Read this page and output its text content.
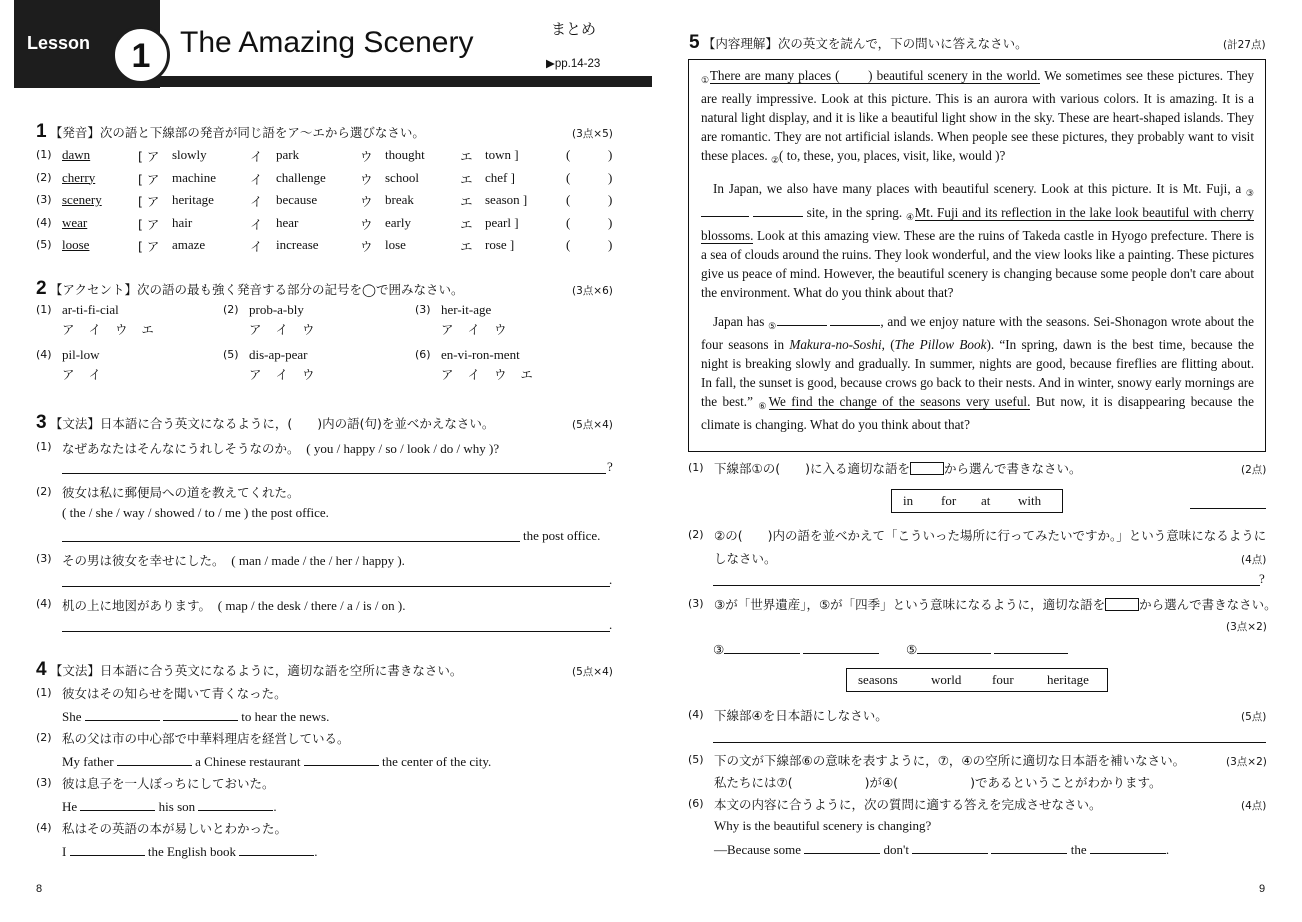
Lesson	1 The Amazing Scenery	まとめ
▶pp.14-23
1 【発音】次の語と下線部の発音が同じ語をア〜エから選びなさい。	(3点×5)
(1) dawn	[ ア slowly	イ park	ウ thought	エ town ]	(	)
(2) cherry	[ ア machine	イ challenge	ウ school	エ chef ]	(	)
(3) scenery	[ ア heritage	イ because	ウ break	エ season ]	(	)
(4) wear	[ ア hair	イ hear	ウ early	エ pearl ]	(	)
(5) loose	[ ア amaze	イ increase	ウ lose	エ rose ]	(	)
2 【アクセント】次の語の最も強く発音する部分の記号を◯で囲みなさい。	(3点×6)
(1) ar-ti-fi-cial
ア イ ウ エ
(2) prob-a-bly
ア イ ウ
(3) her-it-age
ア イ ウ
(4) pil-low
ア イ
(5) dis-ap-pear
ア イ ウ
(6) en-vi-ron-ment
ア イ ウ エ
3 【文法】日本語に合う英文になるように，(　　)内の語(句)を並べかえなさい。	(5点×4)
(1) なぜあなたはそんなにうれしそうなのか。　 ( you / happy / so / look / do / why )?
?
(2) 彼女は私に郵便局への道を教えてくれた。
( the / she / way / showed / to / me ) the post office.
the post office.
(3) その男は彼女を幸せにした。　 ( man / made / the / her / happy ).
.
(4) 机の上に地図があります。　 ( map / the desk / there / a / is / on ).
.
4 【文法】日本語に合う英文になるように，適切な語を空所に書きなさい。	(5点×4)
(1) 彼女はその知らせを聞いて青くなった。
She	to hear the news.
(2) 私の父は市の中心部で中華料理店を経営している。
My father	a Chinese restaurant	the center of the city.
(3) 彼は息子を一人ぼっちにしておいた。
He	his son	.
(4) 私はその英語の本が易しいとわかった。
I	the English book	.
8
5 【内容理解】次の英文を読んで，下の問いに答えなさい。	(計27点)
$_①$There are many places (　　) beautiful scenery in the world. We sometimes see these pictures. They are really impressive. Look at this picture. This is an aurora with various colors. It is amazing. It is a natural light display, and it is like a beautiful light show in the sky. These are heart-shaped islands. They are romantic. They are not artificial islands. When people see these pictures, they probably want to visit these places. $_②$( to, these, you, places, visit, like, would )?
In Japan, we also have many places with beautiful scenery. Look at this picture. It is Mt. Fuji, a $_③$  site, in the spring. $_④$Mt. Fuji and its reflection in the lake look beautiful with cherry blossoms. Look at this amazing view. These are the ruins of Takeda castle in Hyogo prefecture. There is a sea of clouds around the ruins. They look wonderful, and the view looks like a painting. These pictures give us peace of mind. However, the beautiful scenery is changing because some people don't care about the environment. What do you think about that?
Japan has $_⑤$	, and we enjoy nature with the seasons. Sei-Shonagon wrote about the four seasons in Makura-no-Soshi, (The Pillow Book). “In spring, dawn is the best time, because the night is breaking slowly and gradually. In summer, nights are good, because fireflies are flitting about. In fall, the sunset is good, because crows go back to their nests. And in winter, snowy early mornings are the best.” $_⑥$We find the change of the seasons very useful. But now, it is disappearing because the climate is changing. What do you think about that?
(1) 下線部①の(　　)に入る適切な語を	から選んで書きなさい。	(2点)
in for at with
(2) ②の(　　)内の語を並べかえて「こういった場所に行ってみたいですか。」という意味になるように
しなさい。	(4点)
?
(3) ③が「世界遺産」，⑤が「四季」という意味になるように，適切な語を	から選んで書きなさい。
(3点×2)
③	⑤
seasons	world four	heritage
(4) 下線部④を日本語にしなさい。	(5点)
(5) 下の文が下線部⑥の意味を表すように，⑦，④の空所に適切な日本語を補いなさい。	(3点×2)
私たちには⑦(	)が④(	)であるということがわかります。
(6) 本文の内容に合うように，次の質問に適する答えを完成させなさい。	(4点)
Why is the beautiful scenery is changing?
—Because some	don't	the	.
9
